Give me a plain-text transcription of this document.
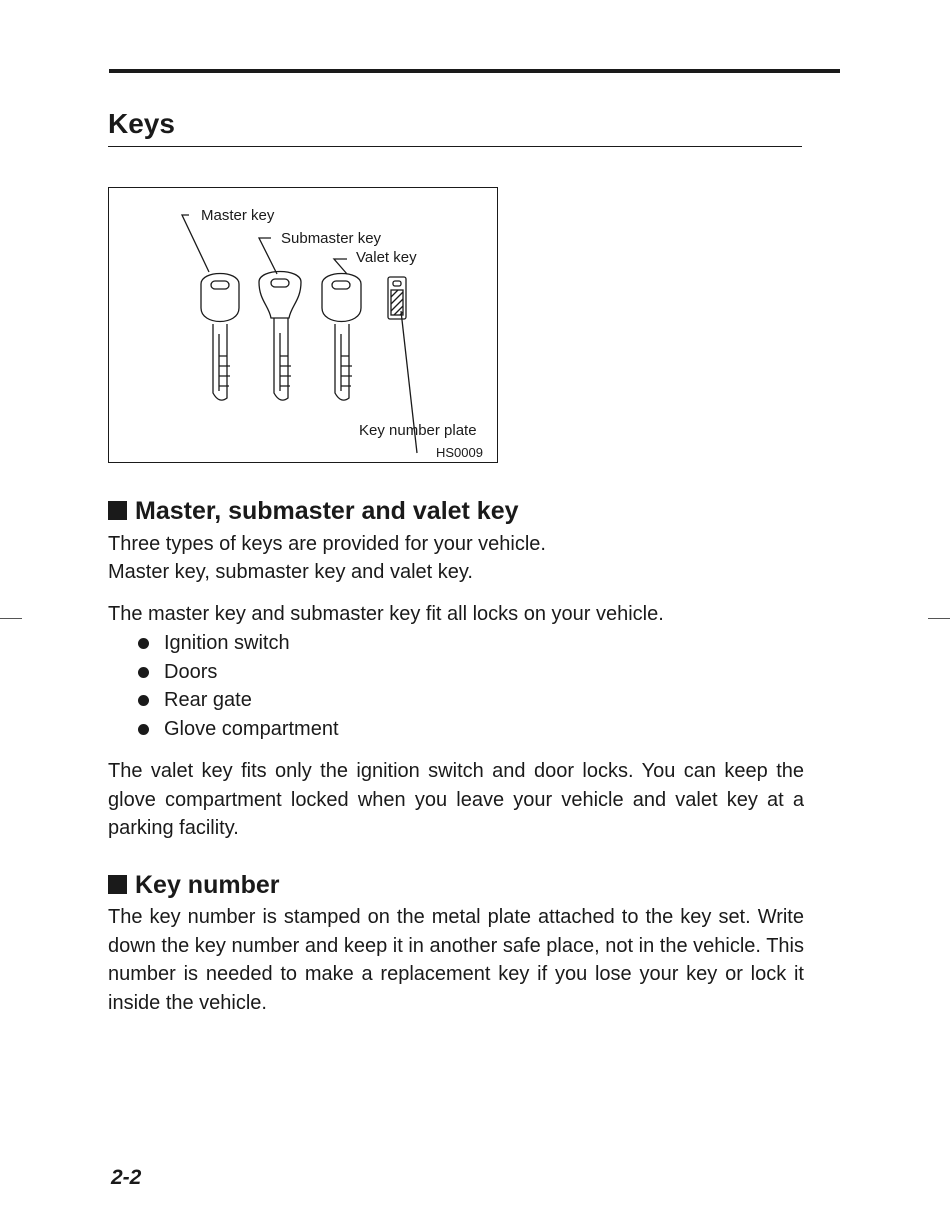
Keys
Master key
Submaster key
Valet key
Key number plate
HS0009
Master, submaster and valet key

Three types of keys are provided for your vehicle.

Master key, submaster key and valet key.

The master key and submaster key fit all locks on your vehicle.

Ignition switch
Doors
Rear gate
Glove compartment

The valet key fits only the ignition switch and door locks. You can keep the glove compartment locked when you leave your vehicle and valet key at a parking facility.

Key number

The key number is stamped on the metal plate attached to the key set. Write down the key number and keep it in another safe place, not in the vehicle. This number is needed to make a replacement key if you lose your key or lock it inside the vehicle.

2-2
